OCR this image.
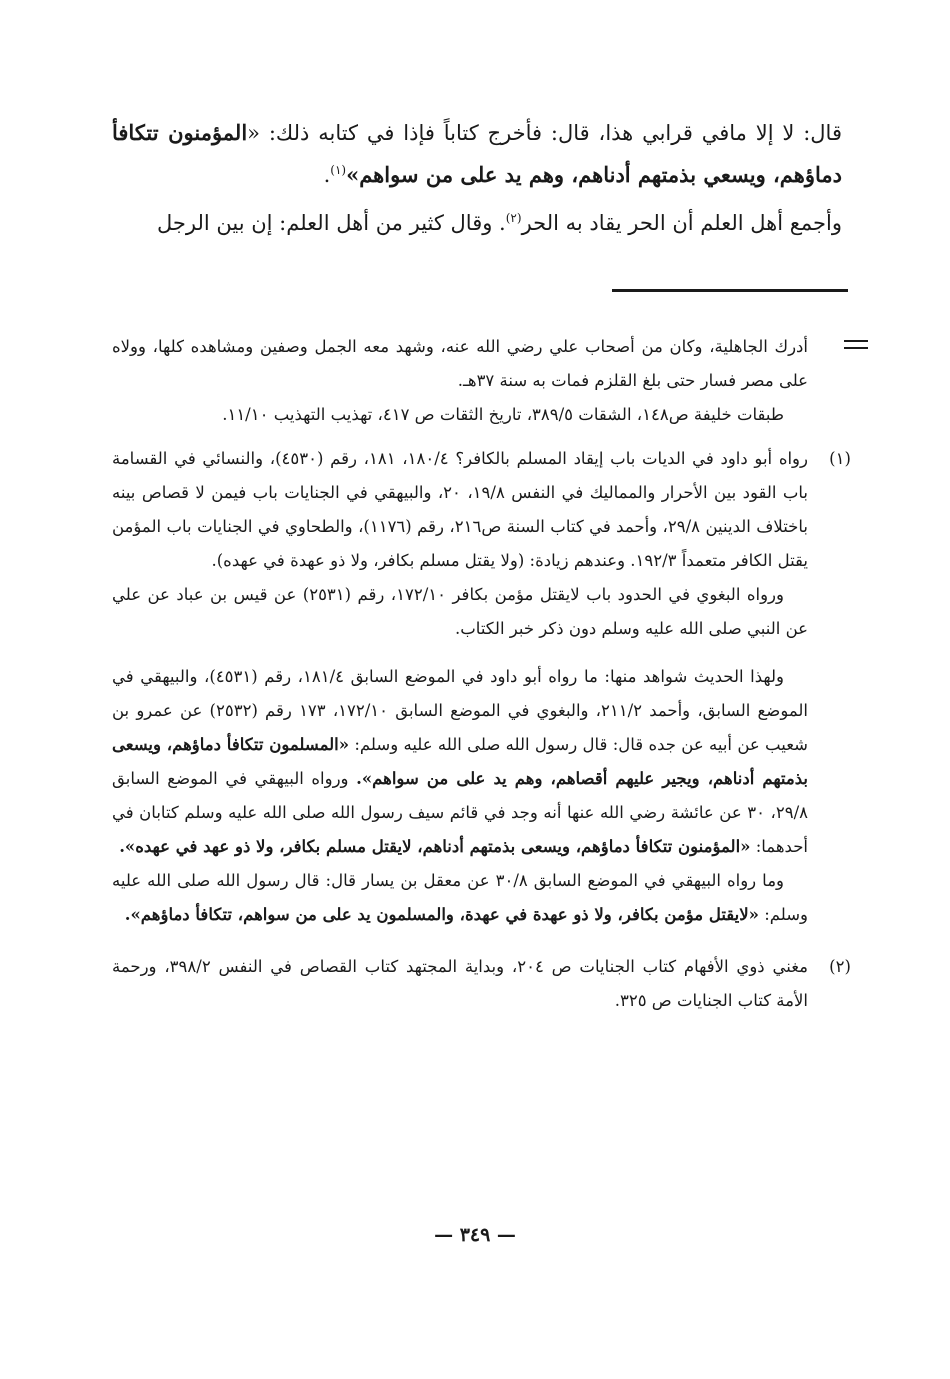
قال: لا إلا مافي قرابي هذا، قال: فأخرج كتاباً فإذا في كتابه ذلك: «المؤمنون تتكافأ دماؤهم، ويسعي بذمتهم أدناهم، وهم يد على من سواهم»$^{(١)}$.

وأجمع أهل العلم أن الحر يقاد به الحر$^{(٢)}$. وقال كثير من أهل العلم: إن بين الرجل

أدرك الجاهلية، وكان من أصحاب علي رضي الله عنه، وشهد معه الجمل وصفين ومشاهده كلها، وولاه على مصر فسار حتى بلغ القلزم فمات به سنة ٣٧هـ.

طبقات خليفة ص١٤٨، الشقات ٣٨٩/٥، تاريخ الثقات ص ٤١٧، تهذيب التهذيب ١١/١٠.

(١)

رواه أبو داود في الديات باب إيقاد المسلم بالكافر؟ ١٨٠/٤، ١٨١، رقم (٤٥٣٠)، والنسائي في القسامة باب القود بين الأحرار والمماليك في النفس ١٩/٨، ٢٠، والبيهقي في الجنايات باب فيمن لا قصاص بينه باختلاف الدينين ٢٩/٨، وأحمد في كتاب السنة ص٢١٦، رقم (١١٧٦)، والطحاوي في الجنايات باب المؤمن يقتل الكافر متعمداً ١٩٢/٣. وعندهم زيادة: (ولا يقتل مسلم بكافر، ولا ذو عهدة في عهده).

ورواه البغوي في الحدود باب لايقتل مؤمن بكافر ١٧٢/١٠، رقم (٢٥٣١) عن قيس بن عباد عن علي عن النبي صلى الله عليه وسلم دون ذكر خبر الكتاب.

ولهذا الحديث شواهد منها: ما رواه أبو داود في الموضع السابق ١٨١/٤، رقم (٤٥٣١)، والبيهقي في الموضع السابق، وأحمد ٢١١/٢، والبغوي في الموضع السابق ١٧٢/١٠، ١٧٣ رقم (٢٥٣٢) عن عمرو بن شعيب عن أبيه عن جده قال: قال رسول الله صلى الله عليه وسلم: «المسلمون تتكافأ دماؤهم، ويسعى بذمتهم أدناهم، ويجير عليهم أقصاهم، وهم يد على من سواهم». ورواه البيهقي في الموضع السابق ٢٩/٨، ٣٠ عن عائشة رضي الله عنها أنه وجد في قائم سيف رسول الله صلى الله عليه وسلم كتابان في أحدهما: «المؤمنون تتكافأ دماؤهم، ويسعى بذمتهم أدناهم، لايقتل مسلم بكافر، ولا ذو عهد في عهده».

وما رواه البيهقي في الموضع السابق ٣٠/٨ عن معقل بن يسار قال: قال رسول الله صلى الله عليه وسلم: «لايقتل مؤمن بكافر، ولا ذو عهدة في عهدة، والمسلمون يد على من سواهم، تتكافأ دماؤهم».

(٢)

مغني ذوي الأفهام كتاب الجنايات ص ٢٠٤، وبداية المجتهد كتاب القصاص في النفس ٣٩٨/٢، ورحمة الأمة كتاب الجنايات ص ٣٢٥.

— ٣٤٩ —
